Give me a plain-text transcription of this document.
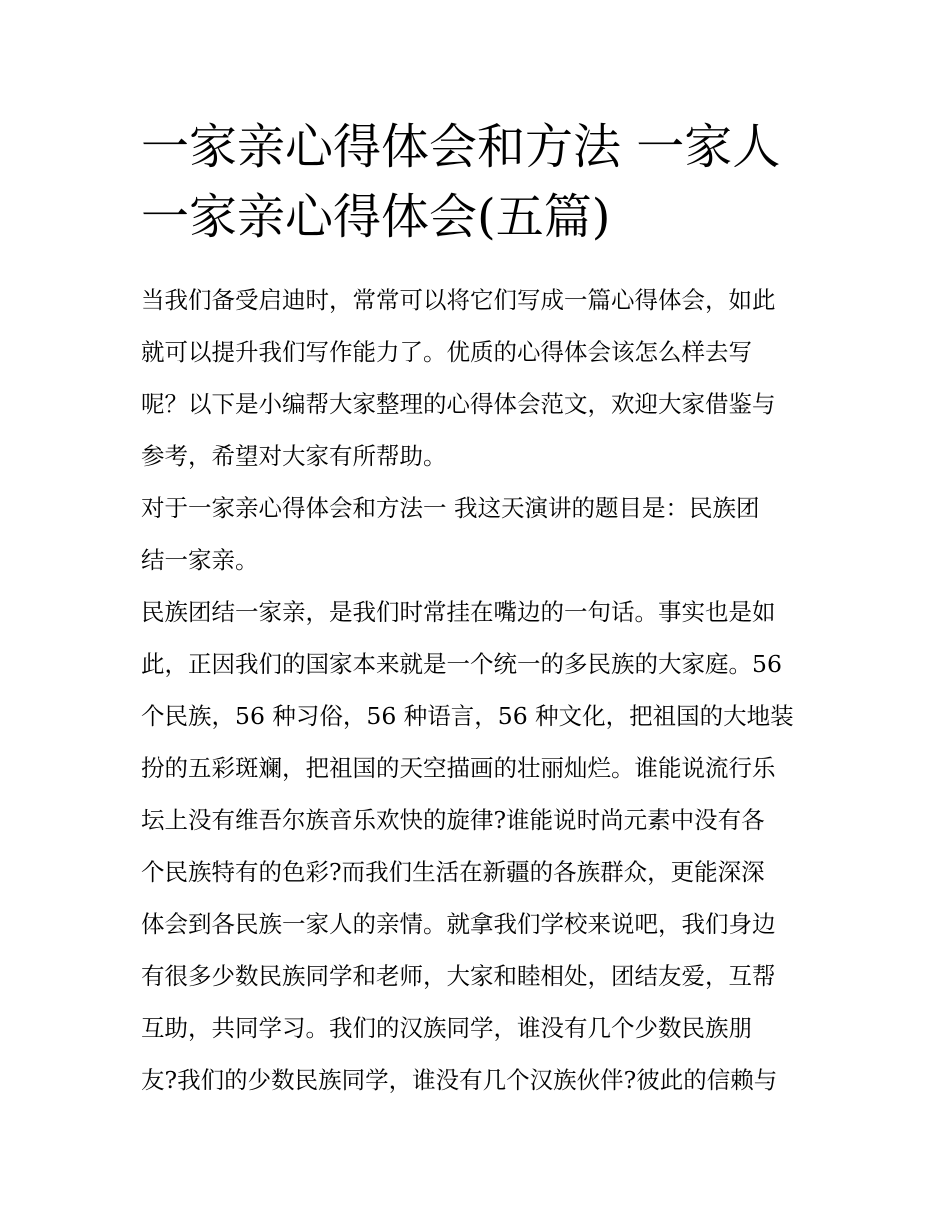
一家亲心得体会和方法 一家人
一家亲心得体会(五篇)

当我们备受启迪时，常常可以将它们写成一篇心得体会，如此
就可以提升我们写作能力了。优质的心得体会该怎么样去写
呢？以下是小编帮大家整理的心得体会范文，欢迎大家借鉴与
参考，希望对大家有所帮助。

对于一家亲心得体会和方法一 我这天演讲的题目是：民族团
结一家亲。

民族团结一家亲，是我们时常挂在嘴边的一句话。事实也是如
此，正因我们的国家本来就是一个统一的多民族的大家庭。56
个民族，56 种习俗，56 种语言，56 种文化，把祖国的大地装
扮的五彩斑斓，把祖国的天空描画的壮丽灿烂。谁能说流行乐
坛上没有维吾尔族音乐欢快的旋律?谁能说时尚元素中没有各
个民族特有的色彩?而我们生活在新疆的各族群众，更能深深
体会到各民族一家人的亲情。就拿我们学校来说吧，我们身边
有很多少数民族同学和老师，大家和睦相处，团结友爱，互帮
互助，共同学习。我们的汉族同学，谁没有几个少数民族朋
友?我们的少数民族同学，谁没有几个汉族伙伴?彼此的信赖与
